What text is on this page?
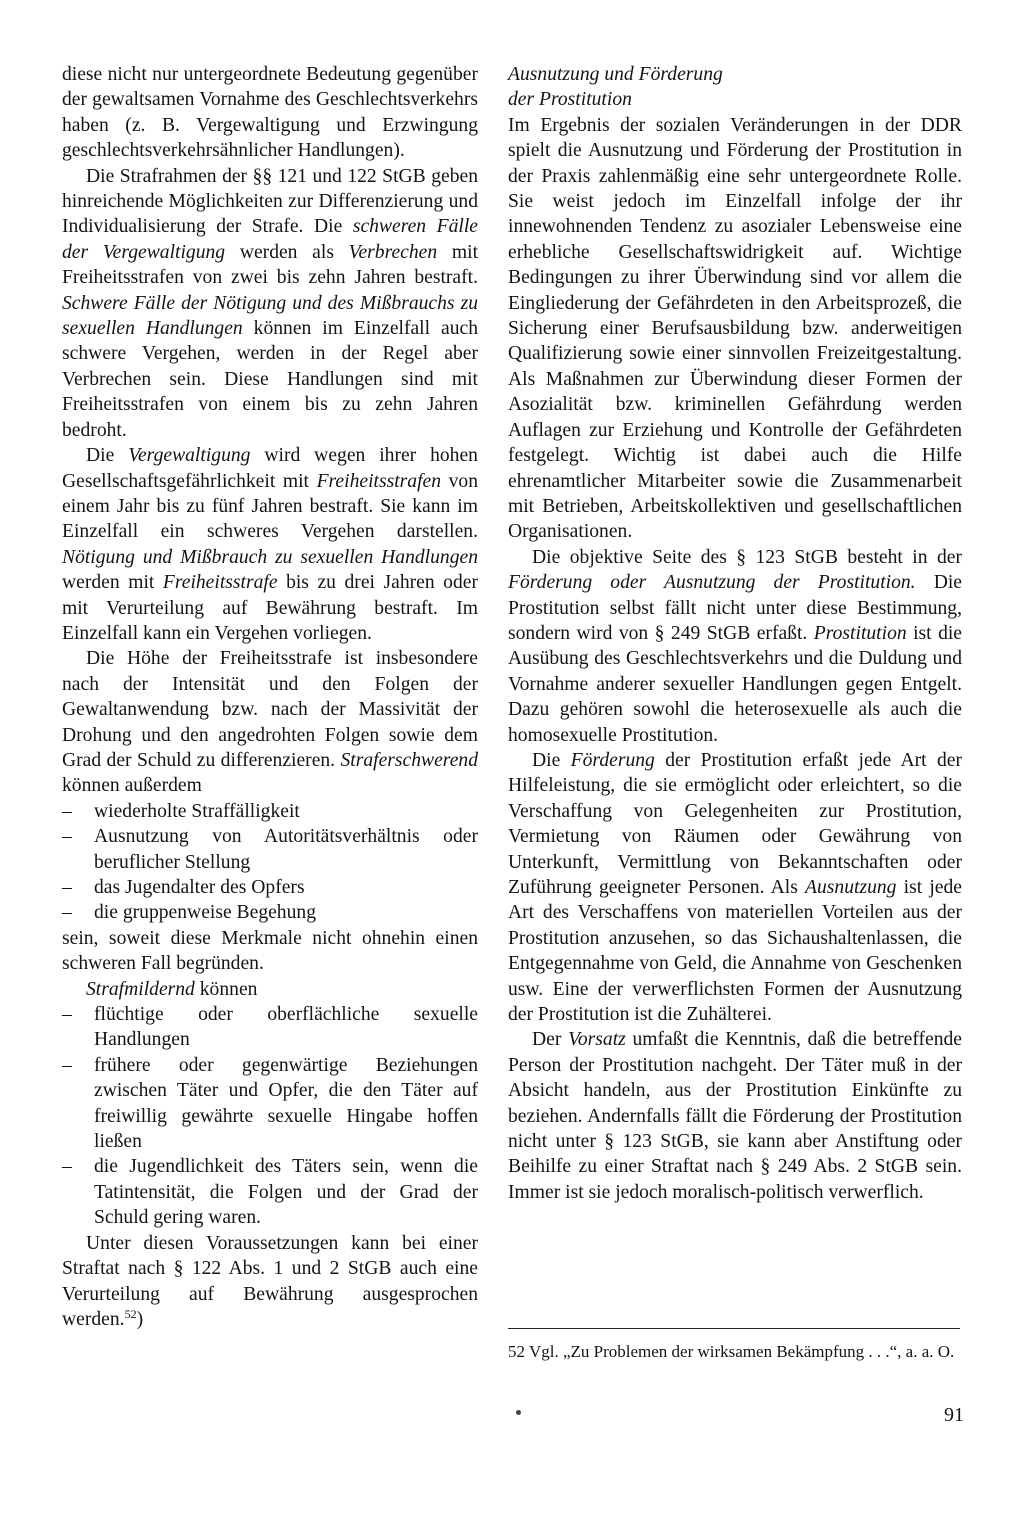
diese nicht nur untergeordnete Bedeutung gegenüber der gewaltsamen Vornahme des Geschlechtsverkehrs haben (z. B. Vergewaltigung und Erzwingung geschlechtsverkehrsähnlicher Handlungen).

Die Strafrahmen der §§ 121 und 122 StGB geben hinreichende Möglichkeiten zur Differenzierung und Individualisierung der Strafe. Die schweren Fälle der Vergewaltigung werden als Verbrechen mit Freiheitsstrafen von zwei bis zehn Jahren bestraft. Schwere Fälle der Nötigung und des Mißbrauchs zu sexuellen Handlungen können im Einzelfall auch schwere Vergehen, werden in der Regel aber Verbrechen sein. Diese Handlungen sind mit Freiheitsstrafen von einem bis zu zehn Jahren bedroht.

Die Vergewaltigung wird wegen ihrer hohen Gesellschaftsgefährlichkeit mit Freiheitsstrafen von einem Jahr bis zu fünf Jahren bestraft. Sie kann im Einzelfall ein schweres Vergehen darstellen. Nötigung und Mißbrauch zu sexuellen Handlungen werden mit Freiheitsstrafe bis zu drei Jahren oder mit Verurteilung auf Bewährung bestraft. Im Einzelfall kann ein Vergehen vorliegen.

Die Höhe der Freiheitsstrafe ist insbesondere nach der Intensität und den Folgen der Gewaltanwendung bzw. nach der Massivität der Drohung und den angedrohten Folgen sowie dem Grad der Schuld zu differenzieren. Straferschwerend können außerdem

– wiederholte Straffälligkeit
– Ausnutzung von Autoritätsverhältnis oder beruflicher Stellung
– das Jugendalter des Opfers
– die gruppenweise Begehung

sein, soweit diese Merkmale nicht ohnehin einen schweren Fall begründen.

Strafmildernd können

– flüchtige oder oberflächliche sexuelle Handlungen
– frühere oder gegenwärtige Beziehungen zwischen Täter und Opfer, die den Täter auf freiwillig gewährte sexuelle Hingabe hoffen ließen
– die Jugendlichkeit des Täters sein, wenn die Tatintensität, die Folgen und der Grad der Schuld gering waren.

Unter diesen Voraussetzungen kann bei einer Straftat nach § 122 Abs. 1 und 2 StGB auch eine Verurteilung auf Bewährung ausgesprochen werden.$^{52}$)

Ausnutzung und Förderung
der Prostitution

Im Ergebnis der sozialen Veränderungen in der DDR spielt die Ausnutzung und Förderung der Prostitution in der Praxis zahlenmäßig eine sehr untergeordnete Rolle. Sie weist jedoch im Einzelfall infolge der ihr innewohnenden Tendenz zu asozialer Lebensweise eine erhebliche Gesellschaftswidrigkeit auf. Wichtige Bedingungen zu ihrer Überwindung sind vor allem die Eingliederung der Gefährdeten in den Arbeitsprozeß, die Sicherung einer Berufsausbildung bzw. anderweitigen Qualifizierung sowie einer sinnvollen Freizeitgestaltung. Als Maßnahmen zur Überwindung dieser Formen der Asozialität bzw. kriminellen Gefährdung werden Auflagen zur Erziehung und Kontrolle der Gefährdeten festgelegt. Wichtig ist dabei auch die Hilfe ehrenamtlicher Mitarbeiter sowie die Zusammenarbeit mit Betrieben, Arbeitskollektiven und gesellschaftlichen Organisationen.

Die objektive Seite des § 123 StGB besteht in der Förderung oder Ausnutzung der Prostitution. Die Prostitution selbst fällt nicht unter diese Bestimmung, sondern wird von § 249 StGB erfaßt. Prostitution ist die Ausübung des Geschlechtsverkehrs und die Duldung und Vornahme anderer sexueller Handlungen gegen Entgelt. Dazu gehören sowohl die heterosexuelle als auch die homosexuelle Prostitution.

Die Förderung der Prostitution erfaßt jede Art der Hilfeleistung, die sie ermöglicht oder erleichtert, so die Verschaffung von Gelegenheiten zur Prostitution, Vermietung von Räumen oder Gewährung von Unterkunft, Vermittlung von Bekanntschaften oder Zuführung geeigneter Personen. Als Ausnutzung ist jede Art des Verschaffens von materiellen Vorteilen aus der Prostitution anzusehen, so das Sichaushaltenlassen, die Entgegennahme von Geld, die Annahme von Geschenken usw. Eine der verwerflichsten Formen der Ausnutzung der Prostitution ist die Zuhälterei.

Der Vorsatz umfaßt die Kenntnis, daß die betreffende Person der Prostitution nachgeht. Der Täter muß in der Absicht handeln, aus der Prostitution Einkünfte zu beziehen. Andernfalls fällt die Förderung der Prostitution nicht unter § 123 StGB, sie kann aber Anstiftung oder Beihilfe zu einer Straftat nach § 249 Abs. 2 StGB sein. Immer ist sie jedoch moralisch-politisch verwerflich.

52 Vgl. „Zu Problemen der wirksamen Bekämpfung . . .“, a. a. O.

91
